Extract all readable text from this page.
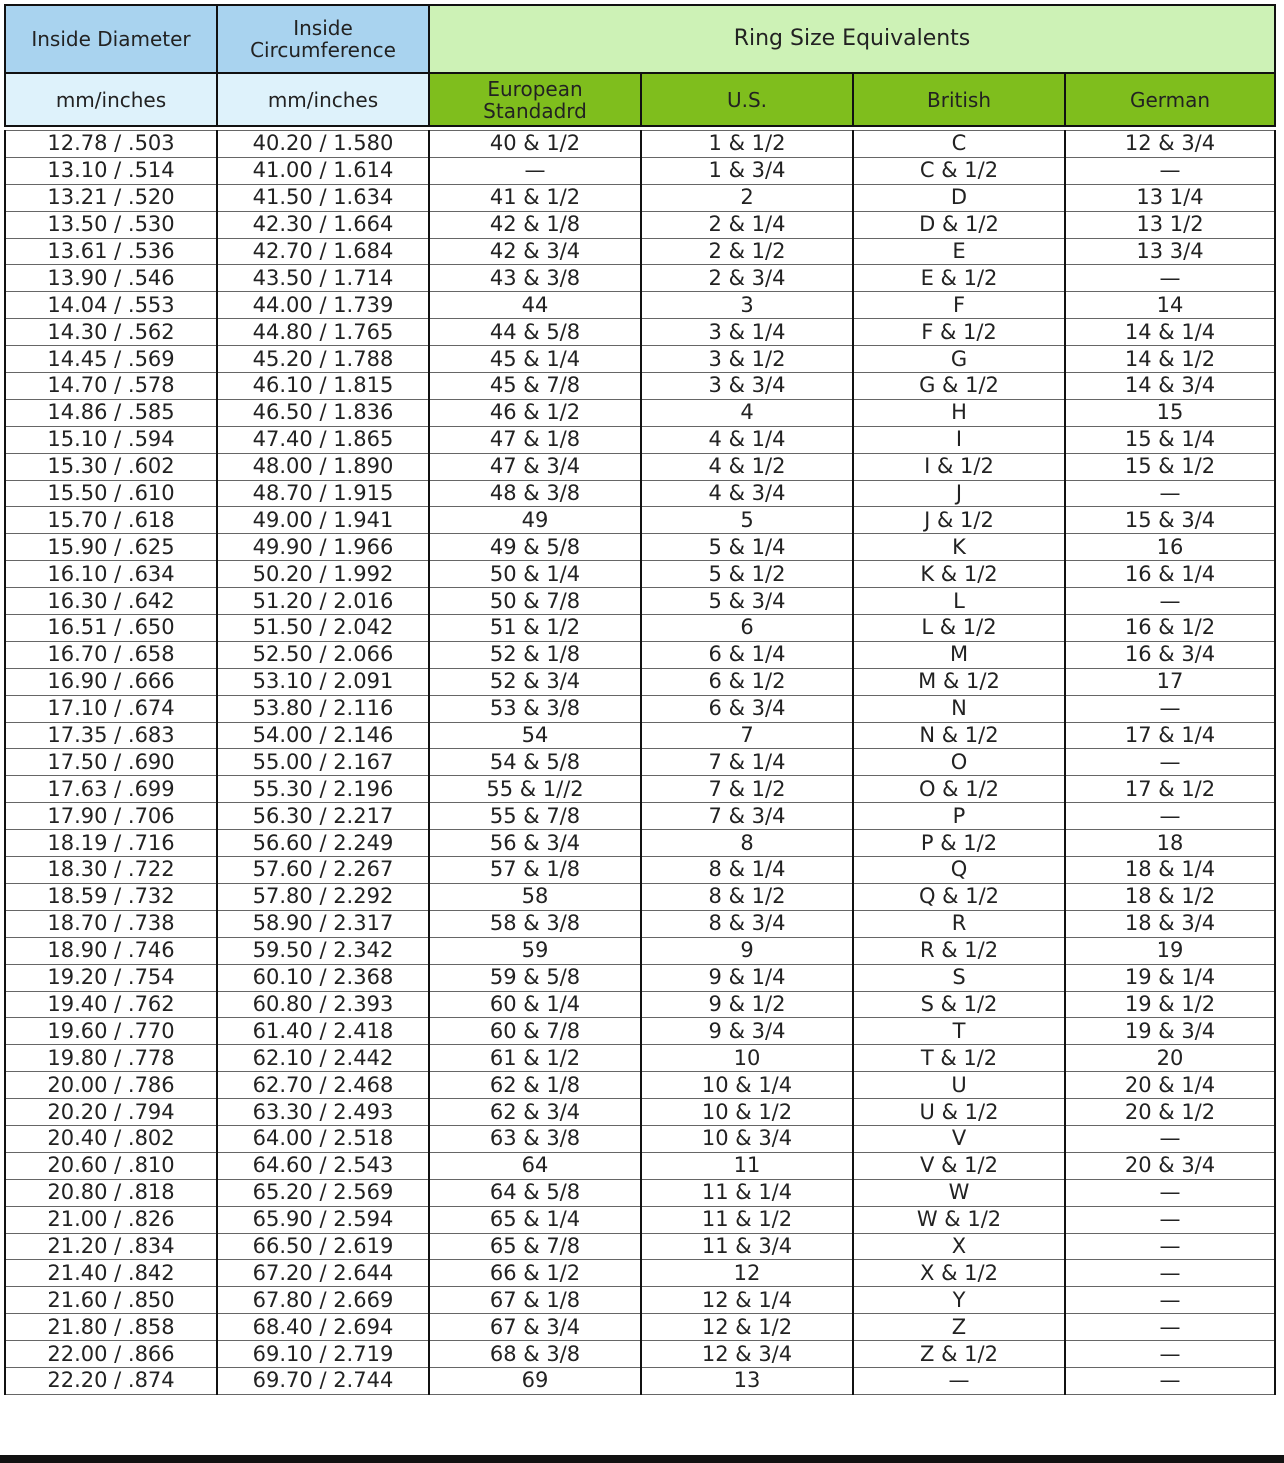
Inside Diameter	Inside Circumference	Ring Size Equivalents			
mm/inches	mm/inches	European Standadrd	U.S.	British	German

12.78 / .503	40.20 / 1.580	40 & 1/2	1 & 1/2	C	12 & 3/4
13.10 / .514	41.00 / 1.614	—	1 & 3/4	C & 1/2	—
13.21 / .520	41.50 / 1.634	41 & 1/2	2	D	13 1/4
13.50 / .530	42.30 / 1.664	42 & 1/8	2 & 1/4	D & 1/2	13 1/2
13.61 / .536	42.70 / 1.684	42 & 3/4	2 & 1/2	E	13 3/4
13.90 / .546	43.50 / 1.714	43 & 3/8	2 & 3/4	E & 1/2	—
14.04 / .553	44.00 / 1.739	44	3	F	14
14.30 / .562	44.80 / 1.765	44 & 5/8	3 & 1/4	F & 1/2	14 & 1/4
14.45 / .569	45.20 / 1.788	45 & 1/4	3 & 1/2	G	14 & 1/2
14.70 / .578	46.10 / 1.815	45 & 7/8	3 & 3/4	G & 1/2	14 & 3/4
14.86 / .585	46.50 / 1.836	46 & 1/2	4	H	15
15.10 / .594	47.40 / 1.865	47 & 1/8	4 & 1/4	I	15 & 1/4
15.30 / .602	48.00 / 1.890	47 & 3/4	4 & 1/2	I & 1/2	15 & 1/2
15.50 / .610	48.70 / 1.915	48 & 3/8	4 & 3/4	J	—
15.70 / .618	49.00 / 1.941	49	5	J & 1/2	15 & 3/4
15.90 / .625	49.90 / 1.966	49 & 5/8	5 & 1/4	K	16
16.10 / .634	50.20 / 1.992	50 & 1/4	5 & 1/2	K & 1/2	16 & 1/4
16.30 / .642	51.20 / 2.016	50 & 7/8	5 & 3/4	L	—
16.51 / .650	51.50 / 2.042	51 & 1/2	6	L & 1/2	16 & 1/2
16.70 / .658	52.50 / 2.066	52 & 1/8	6 & 1/4	M	16 & 3/4
16.90 / .666	53.10 / 2.091	52 & 3/4	6 & 1/2	M & 1/2	17
17.10 / .674	53.80 / 2.116	53 & 3/8	6 & 3/4	N	—
17.35 / .683	54.00 / 2.146	54	7	N & 1/2	17 & 1/4
17.50 / .690	55.00 / 2.167	54 & 5/8	7 & 1/4	O	—
17.63 / .699	55.30 / 2.196	55 & 1//2	7 & 1/2	O & 1/2	17 & 1/2
17.90 / .706	56.30 / 2.217	55 & 7/8	7 & 3/4	P	—
18.19 / .716	56.60 / 2.249	56 & 3/4	8	P & 1/2	18
18.30 / .722	57.60 / 2.267	57 & 1/8	8 & 1/4	Q	18 & 1/4
18.59 / .732	57.80 / 2.292	58	8 & 1/2	Q & 1/2	18 & 1/2
18.70 / .738	58.90 / 2.317	58 & 3/8	8 & 3/4	R	18 & 3/4
18.90 / .746	59.50 / 2.342	59	9	R & 1/2	19
19.20 / .754	60.10 / 2.368	59 & 5/8	9 & 1/4	S	19 & 1/4
19.40 / .762	60.80 / 2.393	60 & 1/4	9 & 1/2	S & 1/2	19 & 1/2
19.60 / .770	61.40 / 2.418	60 & 7/8	9 & 3/4	T	19 & 3/4
19.80 / .778	62.10 / 2.442	61 & 1/2	10	T & 1/2	20
20.00 / .786	62.70 / 2.468	62 & 1/8	10 & 1/4	U	20 & 1/4
20.20 / .794	63.30 / 2.493	62 & 3/4	10 & 1/2	U & 1/2	20 & 1/2
20.40 / .802	64.00 / 2.518	63 & 3/8	10 & 3/4	V	—
20.60 / .810	64.60 / 2.543	64	11	V & 1/2	20 & 3/4
20.80 / .818	65.20 / 2.569	64 & 5/8	11 & 1/4	W	—
21.00 / .826	65.90 / 2.594	65 & 1/4	11 & 1/2	W & 1/2	—
21.20 / .834	66.50 / 2.619	65 & 7/8	11 & 3/4	X	—
21.40 / .842	67.20 / 2.644	66 & 1/2	12	X & 1/2	—
21.60 / .850	67.80 / 2.669	67 & 1/8	12 & 1/4	Y	—
21.80 / .858	68.40 / 2.694	67 & 3/4	12 & 1/2	Z	—
22.00 / .866	69.10 / 2.719	68 & 3/8	12 & 3/4	Z & 1/2	—
22.20 / .874	69.70 / 2.744	69	13	—	—
